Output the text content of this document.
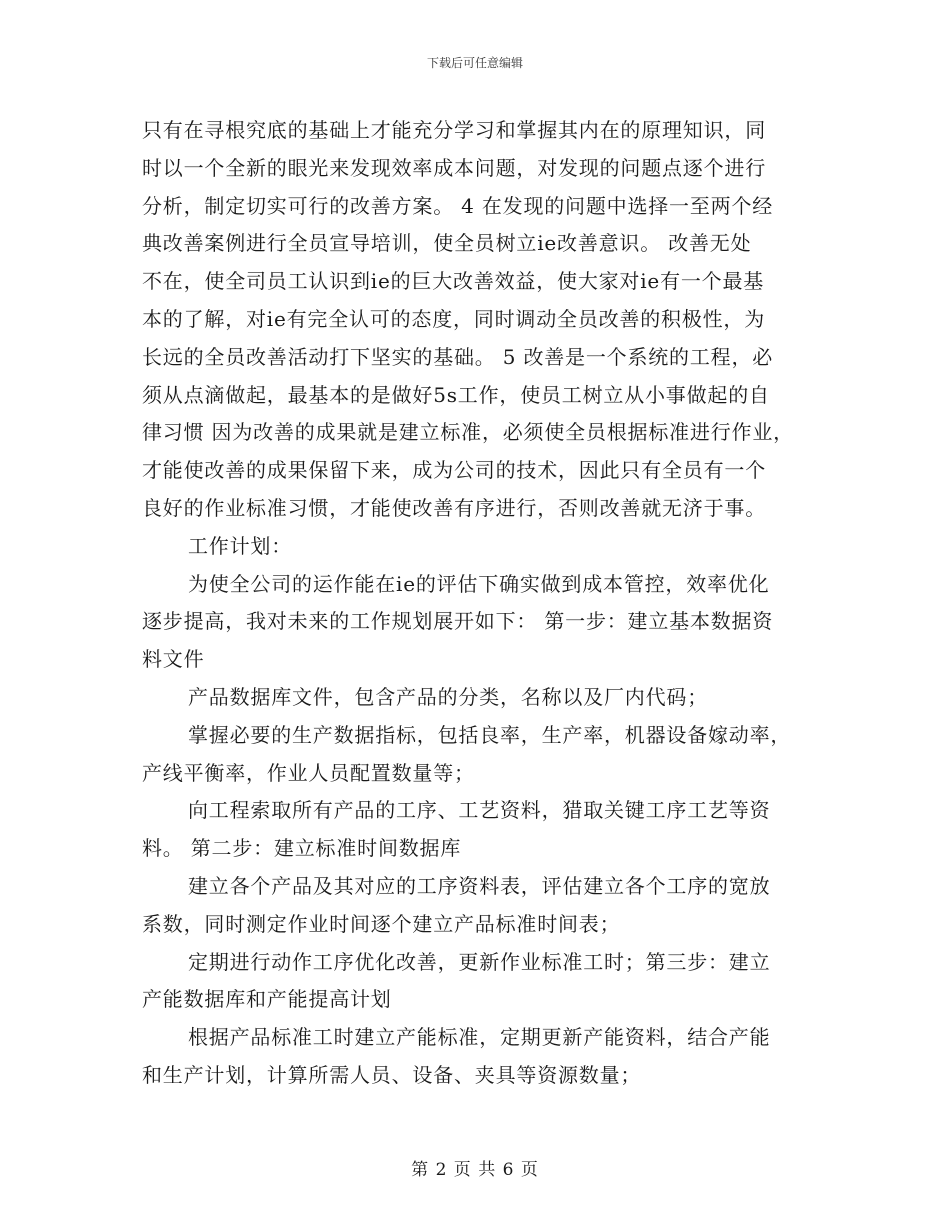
下载后可任意编辑
只有在寻根究底的基础上才能充分学习和掌握其内在的原理知识，同
时以一个全新的眼光来发现效率成本问题，对发现的问题点逐个进行
分析，制定切实可行的改善方案。 4 在发现的问题中选择一至两个经
典改善案例进行全员宣导培训，使全员树立ie改善意识。 改善无处
不在，使全司员工认识到ie的巨大改善效益，使大家对ie有一个最基
本的了解，对ie有完全认可的态度，同时调动全员改善的积极性，为
长远的全员改善活动打下坚实的基础。 5 改善是一个系统的工程，必
须从点滴做起，最基本的是做好5s工作，使员工树立从小事做起的自
律习惯 因为改善的成果就是建立标准，必须使全员根据标准进行作业，
才能使改善的成果保留下来，成为公司的技术，因此只有全员有一个
良好的作业标准习惯，才能使改善有序进行，否则改善就无济于事。
工作计划：
为使全公司的运作能在ie的评估下确实做到成本管控，效率优化
逐步提高，我对未来的工作规划展开如下： 第一步：建立基本数据资
料文件
产品数据库文件，包含产品的分类，名称以及厂内代码；
掌握必要的生产数据指标，包括良率，生产率，机器设备嫁动率，
产线平衡率，作业人员配置数量等；
向工程索取所有产品的工序、工艺资料，猎取关键工序工艺等资
料。 第二步：建立标准时间数据库
建立各个产品及其对应的工序资料表，评估建立各个工序的宽放
系数，同时测定作业时间逐个建立产品标准时间表；
定期进行动作工序优化改善，更新作业标准工时；第三步：建立
产能数据库和产能提高计划
根据产品标准工时建立产能标准，定期更新产能资料，结合产能
和生产计划，计算所需人员、设备、夹具等资源数量；
第 2 页 共 6 页
